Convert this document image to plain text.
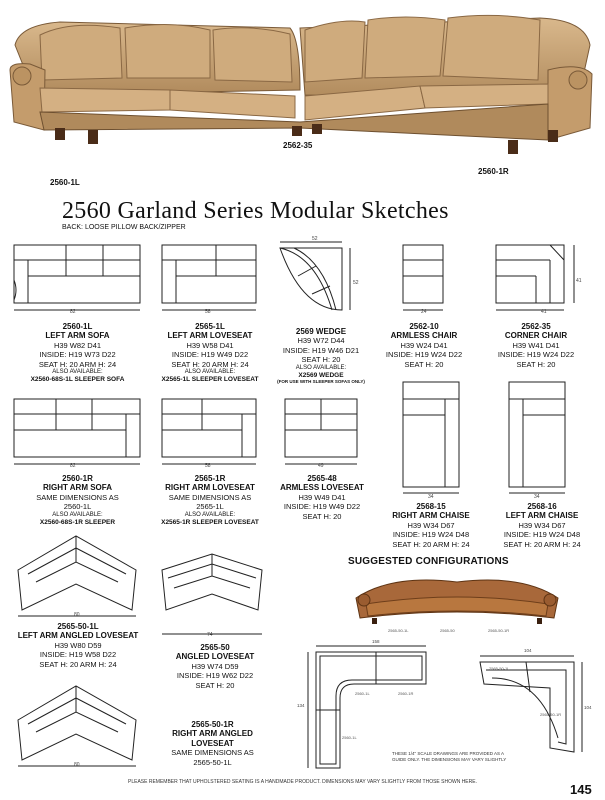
2560-1L
2562-35
2560-1R
2560 Garland Series Modular Sketches
BACK: LOOSE PILLOW BACK/ZIPPER
82
2560-1L
LEFT ARM SOFA
H39 W82 D41
INSIDE: H19 W73 D22
SEAT H: 20 ARM H: 24
ALSO AVAILABLE:
X2560-68S-1L SLEEPER SOFA
58
2565-1L
LEFT ARM LOVESEAT
H39 W58 D41
INSIDE: H19 W49 D22
SEAT H: 20 ARM H: 24
ALSO AVAILABLE:
X2565-1L SLEEPER LOVESEAT
52
52
2569 WEDGE
H39 W72 D44
INSIDE: H19 W46 D21
SEAT H: 20
ALSO AVAILABLE:
X2569 WEDGE
(FOR USE WITH SLEEPER SOFAS ONLY)
24
2562-10
ARMLESS CHAIR
H39 W24 D41
INSIDE: H19 W24 D22
SEAT H: 20
41
41
2562-35
CORNER CHAIR
H39 W41 D41
INSIDE: H19 W24 D22
SEAT H: 20
82
2560-1R
RIGHT ARM SOFA
SAME DIMENSIONS AS
2560-1L
ALSO AVAILABLE:
X2560-68S-1R SLEEPER
58
2565-1R
RIGHT ARM LOVESEAT
SAME DIMENSIONS AS
2565-1L
ALSO AVAILABLE:
X2565-1R SLEEPER LOVESEAT
49
2565-48
ARMLESS LOVESEAT
H39 W49 D41
INSIDE: H19 W49 D22
SEAT H: 20
34
2568-15
RIGHT ARM CHAISE
H39 W34 D67
INSIDE: H19 W24 D48
SEAT H: 20 ARM H: 24
34
2568-16
LEFT ARM CHAISE
H39 W34 D67
INSIDE: H19 W24 D48
SEAT H: 20 ARM H: 24
80
2565-50-1L
LEFT ARM ANGLED LOVESEAT
H39 W80 D59
INSIDE: H19 W58 D22
SEAT H: 20 ARM H: 24
74
2565-50
ANGLED LOVESEAT
H39 W74 D59
INSIDE: H19 W62 D22
SEAT H: 20
80
2565-50-1R
RIGHT ARM ANGLED LOVESEAT
SAME DIMENSIONS AS
2565-50-1L
SUGGESTED CONFIGURATIONS
2565-50-1L	2565-50	2565-50-1R
158
134
2560-1L	2560-1R
2560-1L
104
104
2565-50-1L
2565-50-1R
THESE 1/4" SCALE DRAWINGS ARE PROVIDED AS A GUIDE ONLY. THE DIMENSIONS MAY VARY SLIGHTLY
PLEASE REMEMBER THAT UPHOLSTERED SEATING IS A HANDMADE PRODUCT. DIMENSIONS MAY VARY SLIGHTLY FROM THOSE SHOWN HERE.	145
